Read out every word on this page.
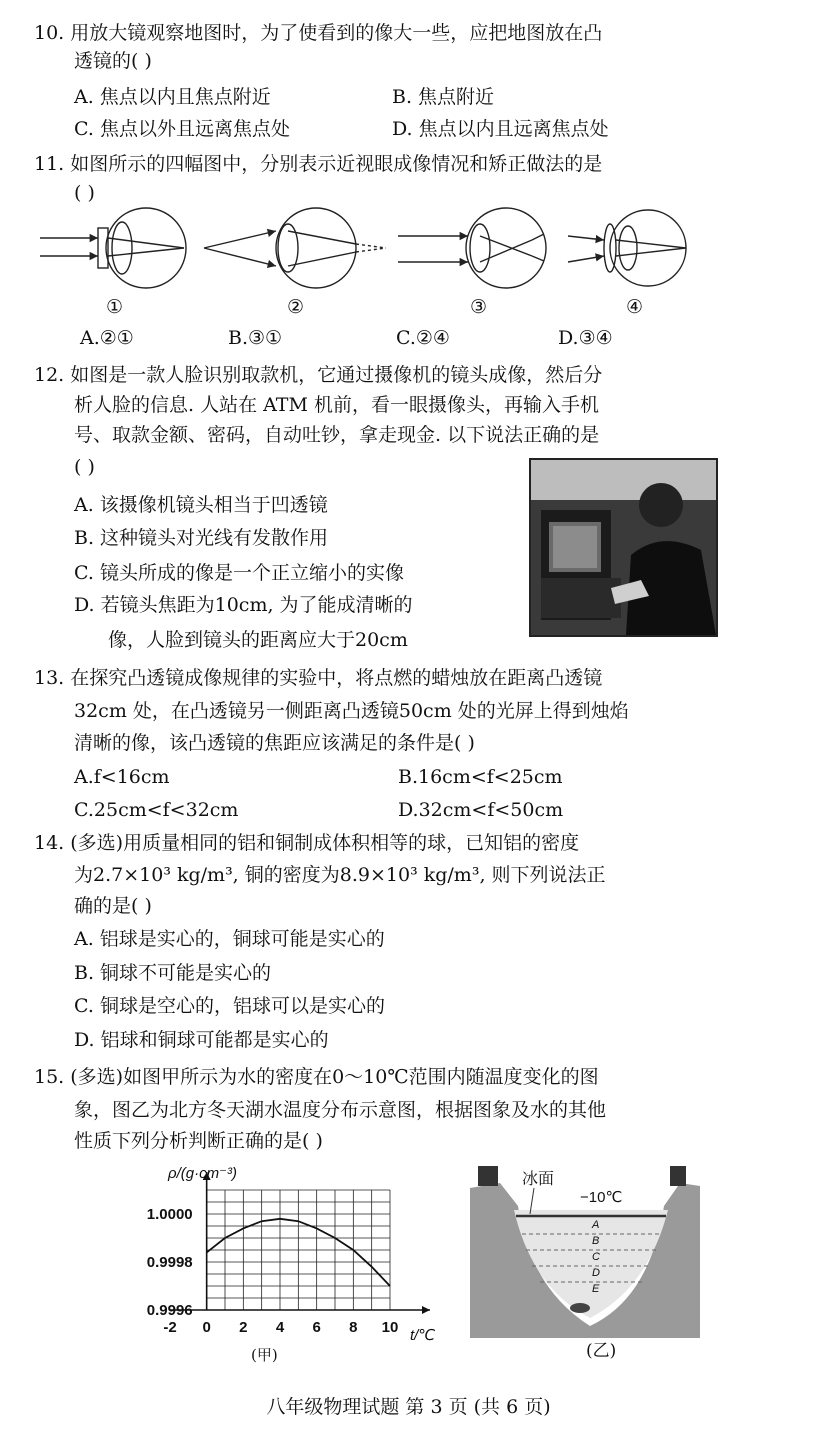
10. 用放大镜观察地图时，为了使看到的像大一些，应把地图放在凸
透镜的( )
A. 焦点以内且焦点附近	B. 焦点附近
C. 焦点以外且远离焦点处	D. 焦点以内且远离焦点处
11. 如图所示的四幅图中，分别表示近视眼成像情况和矫正做法的是
( )
①	②	③	④
A.②①	B.③①	C.②④	D.③④
12. 如图是一款人脸识别取款机，它通过摄像机的镜头成像，然后分
析人脸的信息. 人站在 ATM 机前，看一眼摄像头，再输入手机
号、取款金额、密码，自动吐钞，拿走现金. 以下说法正确的是
( )
A. 该摄像机镜头相当于凹透镜
B. 这种镜头对光线有发散作用
C. 镜头所成的像是一个正立缩小的实像
D. 若镜头焦距为10cm, 为了能成清晰的
像，人脸到镜头的距离应大于20cm
13. 在探究凸透镜成像规律的实验中，将点燃的蜡烛放在距离凸透镜
32cm 处，在凸透镜另一侧距离凸透镜50cm 处的光屏上得到烛焰
清晰的像，该凸透镜的焦距应该满足的条件是( )
A.f<16cm	B.16cm<f<25cm
C.25cm<f<32cm	D.32cm<f<50cm
14. (多选)用质量相同的铝和铜制成体积相等的球，已知铝的密度
为2.7×10³ kg/m³, 铜的密度为8.9×10³ kg/m³, 则下列说法正
确的是( )
A. 铝球是实心的，铜球可能是实心的
B. 铜球不可能是实心的
C. 铜球是空心的，铝球可以是实心的
D. 铝球和铜球可能都是实心的
15. (多选)如图甲所示为水的密度在0～10℃范围内随温度变化的图
象，图乙为北方冬天湖水温度分布示意图，根据图象及水的其他
性质下列分析判断正确的是( )
-2 0 2 4 6 8 10
0.9996
0.9998
1.0000
ρ/(g·cm⁻³)
t/℃
(甲)
冰面
−10℃
A
B
C
D
E
(乙)
八年级物理试题 第 3 页 (共 6 页)
